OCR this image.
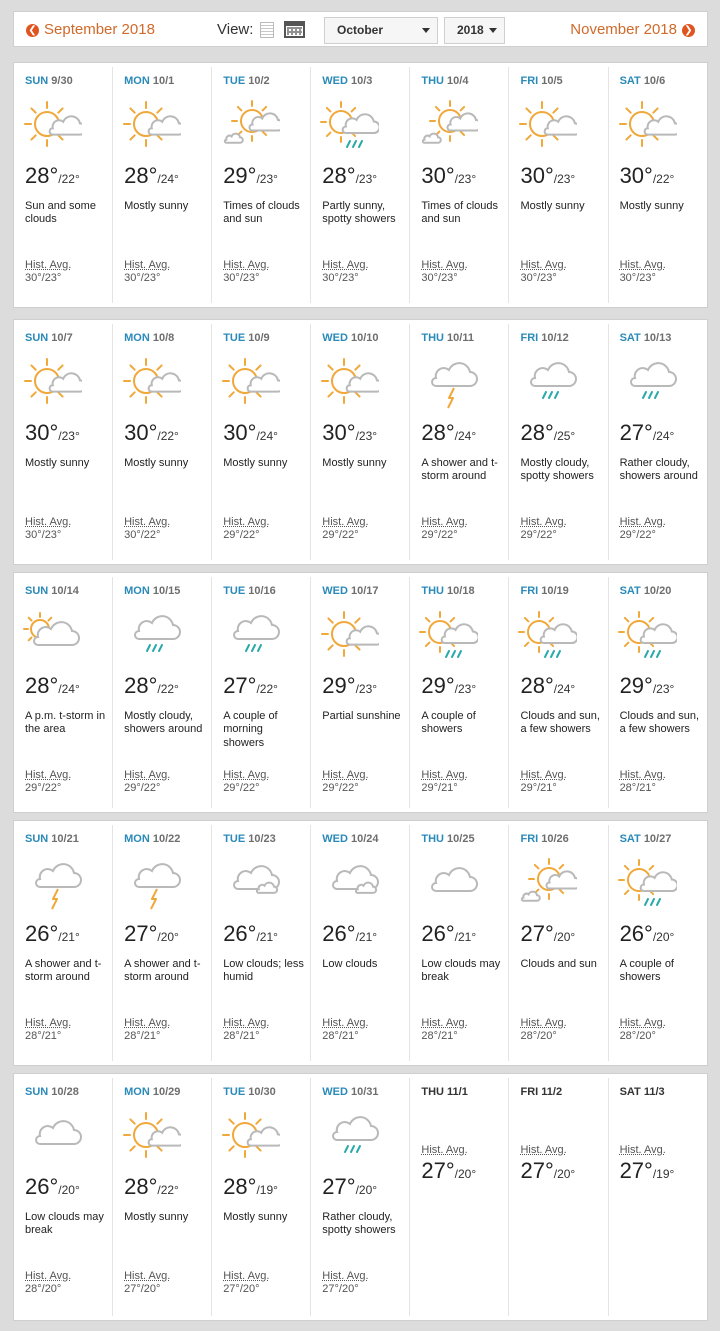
❮ September 2018	View:	October	2018	November 2018 ❯
SUN 9/30
28°/22°
Sun and some clouds
Hist. Avg.
30°/23°
MON 10/1
28°/24°
Mostly sunny
Hist. Avg.
30°/23°
TUE 10/2
29°/23°
Times of clouds and sun
Hist. Avg.
30°/23°
WED 10/3
28°/23°
Partly sunny, spotty showers
Hist. Avg.
30°/23°
THU 10/4
30°/23°
Times of clouds and sun
Hist. Avg.
30°/23°
FRI 10/5
30°/23°
Mostly sunny
Hist. Avg.
30°/23°
SAT 10/6
30°/22°
Mostly sunny
Hist. Avg.
30°/23°
SUN 10/7
30°/23°
Mostly sunny
Hist. Avg.
30°/23°
MON 10/8
30°/22°
Mostly sunny
Hist. Avg.
30°/22°
TUE 10/9
30°/24°
Mostly sunny
Hist. Avg.
29°/22°
WED 10/10
30°/23°
Mostly sunny
Hist. Avg.
29°/22°
THU 10/11
28°/24°
A shower and t-storm around
Hist. Avg.
29°/22°
FRI 10/12
28°/25°
Mostly cloudy, spotty showers
Hist. Avg.
29°/22°
SAT 10/13
27°/24°
Rather cloudy, showers around
Hist. Avg.
29°/22°
SUN 10/14
28°/24°
A p.m. t-storm in the area
Hist. Avg.
29°/22°
MON 10/15
28°/22°
Mostly cloudy, showers around
Hist. Avg.
29°/22°
TUE 10/16
27°/22°
A couple of morning showers
Hist. Avg.
29°/22°
WED 10/17
29°/23°
Partial sunshine
Hist. Avg.
29°/22°
THU 10/18
29°/23°
A couple of showers
Hist. Avg.
29°/21°
FRI 10/19
28°/24°
Clouds and sun, a few showers
Hist. Avg.
29°/21°
SAT 10/20
29°/23°
Clouds and sun, a few showers
Hist. Avg.
28°/21°
SUN 10/21
26°/21°
A shower and t-storm around
Hist. Avg.
28°/21°
MON 10/22
27°/20°
A shower and t-storm around
Hist. Avg.
28°/21°
TUE 10/23
26°/21°
Low clouds; less humid
Hist. Avg.
28°/21°
WED 10/24
26°/21°
Low clouds
Hist. Avg.
28°/21°
THU 10/25
26°/21°
Low clouds may break
Hist. Avg.
28°/21°
FRI 10/26
27°/20°
Clouds and sun
Hist. Avg.
28°/20°
SAT 10/27
26°/20°
A couple of showers
Hist. Avg.
28°/20°
SUN 10/28
26°/20°
Low clouds may break
Hist. Avg.
28°/20°
MON 10/29
28°/22°
Mostly sunny
Hist. Avg.
27°/20°
TUE 10/30
28°/19°
Mostly sunny
Hist. Avg.
27°/20°
WED 10/31
27°/20°
Rather cloudy, spotty showers
Hist. Avg.
27°/20°
THU 11/1
Hist. Avg.
27°/20°
FRI 11/2
Hist. Avg.
27°/20°
SAT 11/3
Hist. Avg.
27°/19°
